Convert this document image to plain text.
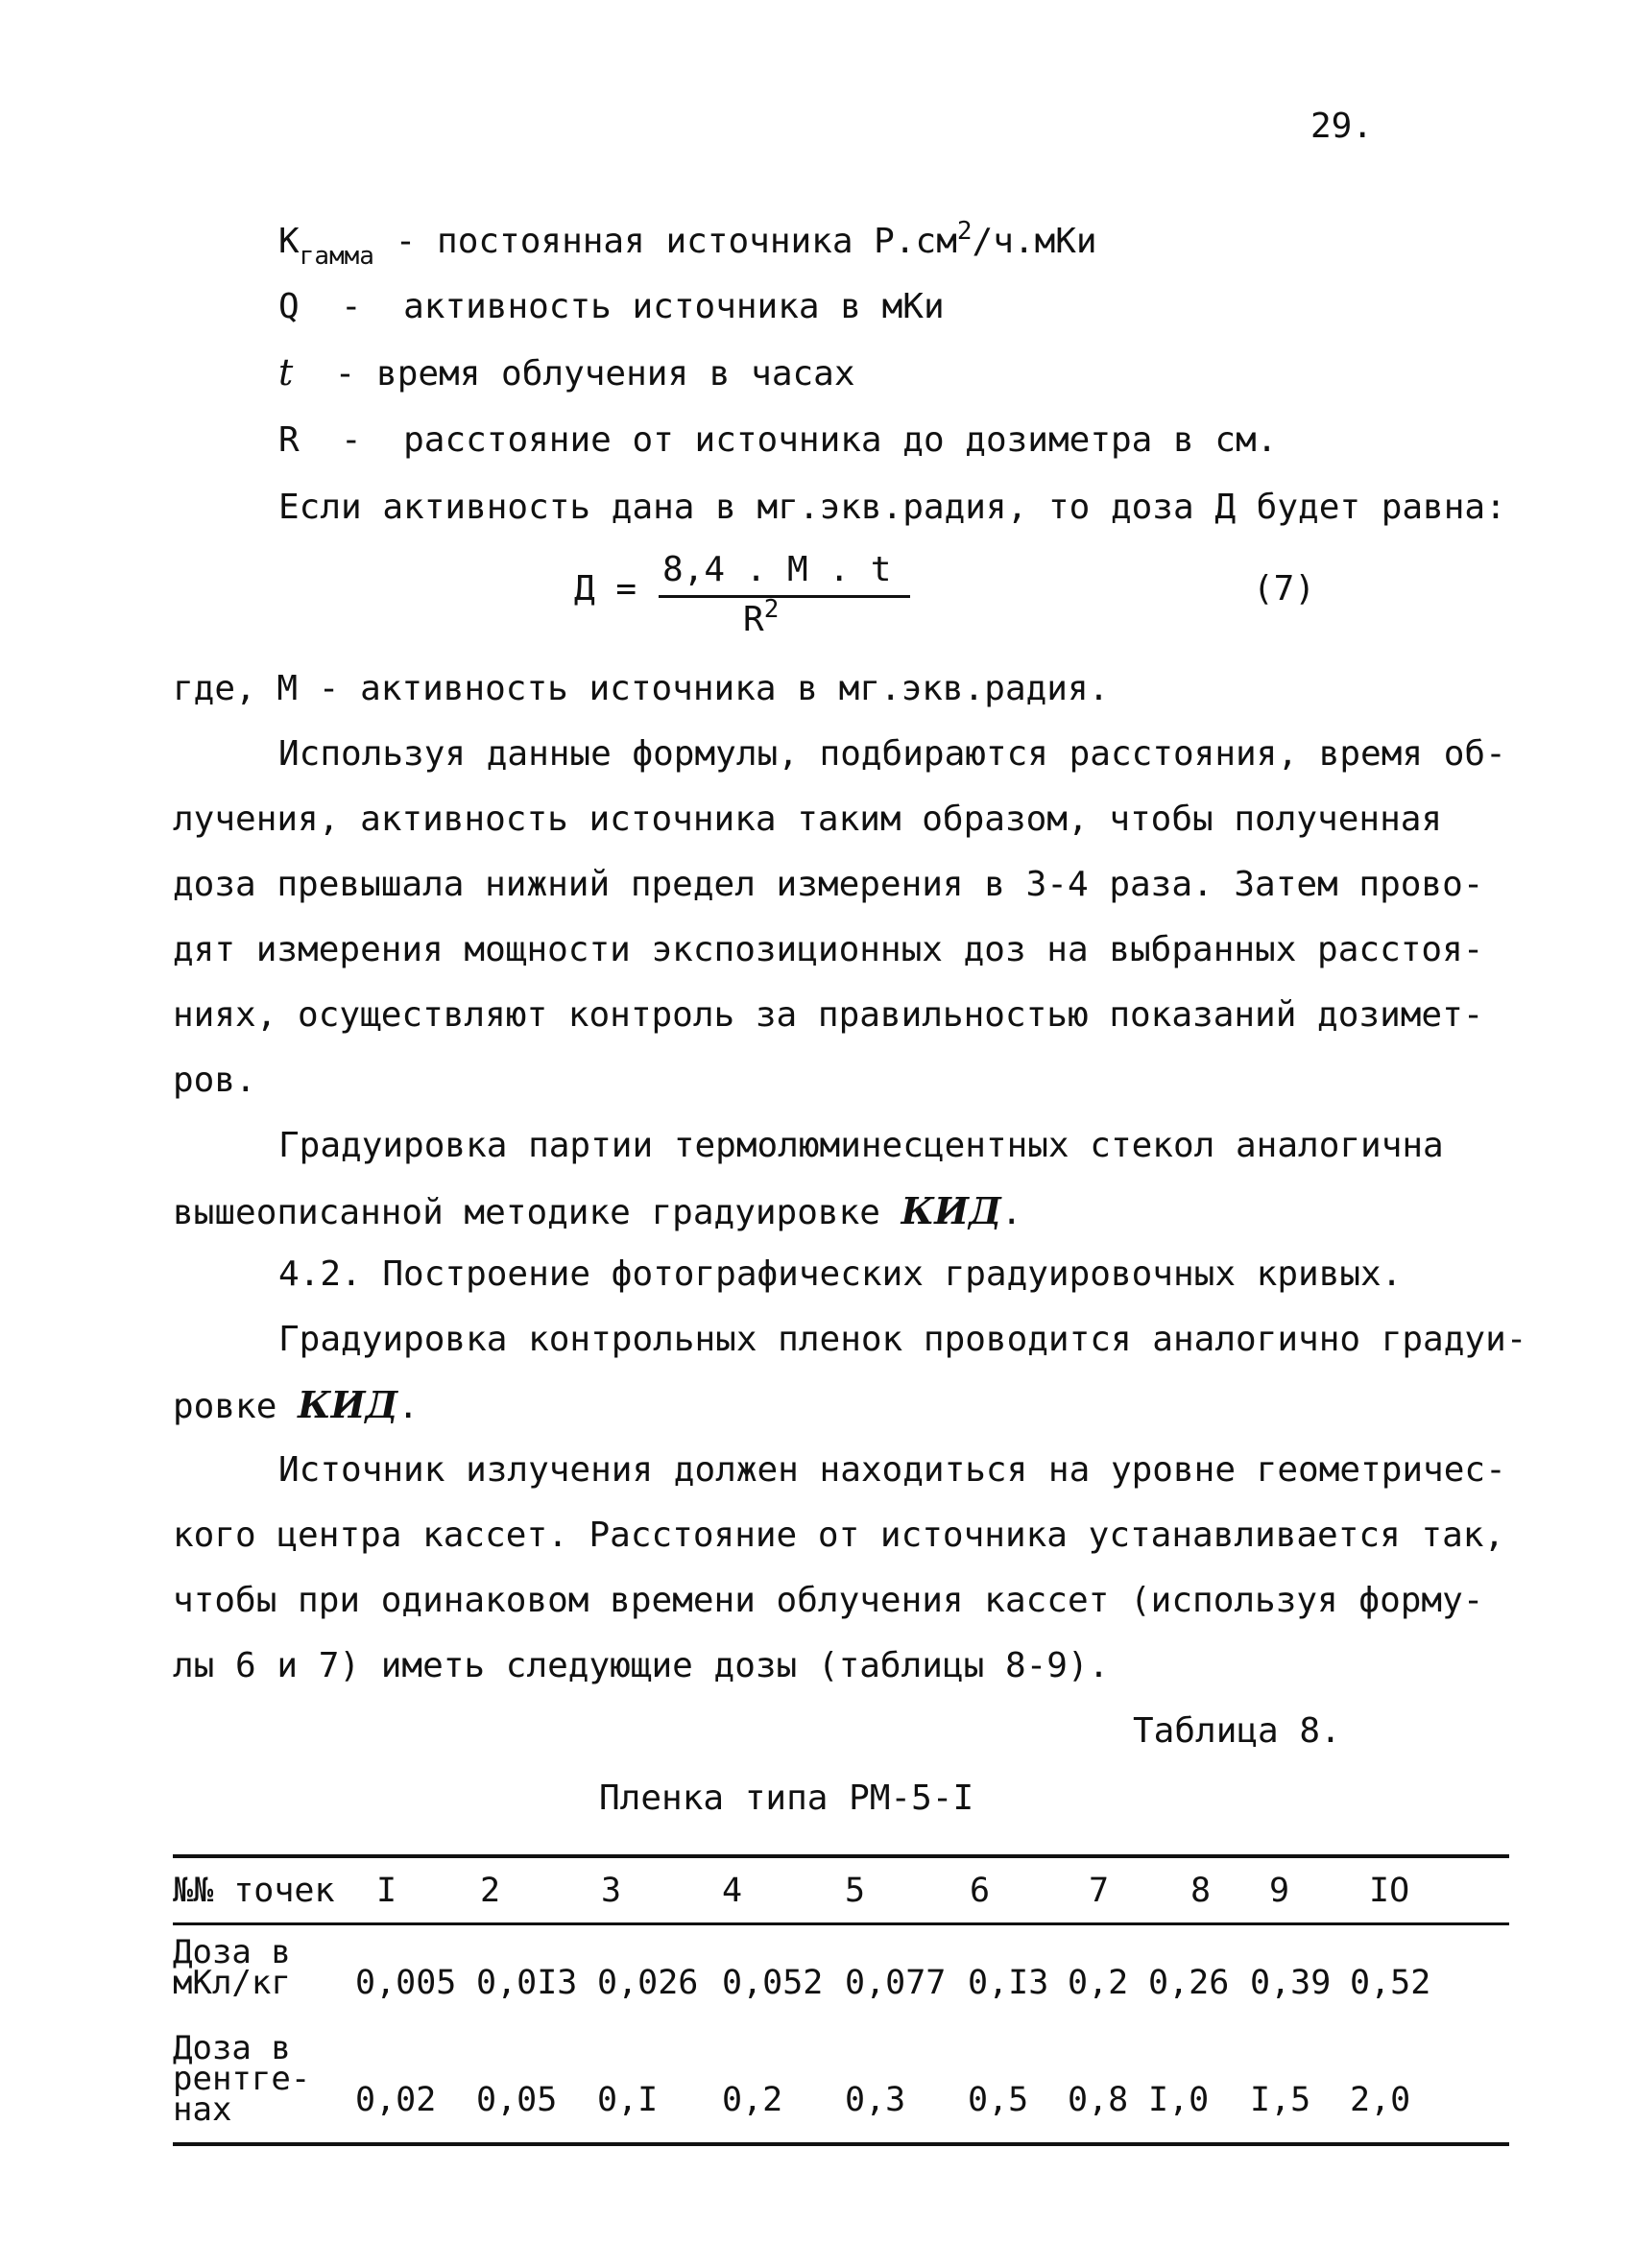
29.
$K_{гамма}$ - постоянная источника $Р.см^2/ч.мКи$
Q - активность источника в мКи
t - время облучения в часах
R - расстояние от источника до дозиметра в см.
Если активность дана в мг.экв.радия, то доза Д будет равна:
Д = 8,4 . М . t
$R^2$
(7)
где, М - активность источника в мг.экв.радия.
Используя данные формулы, подбираются расстояния, время об-
лучения, активность источника таким образом, чтобы полученная
доза превышала нижний предел измерения в 3-4 раза. Затем прово-
дят измерения мощности экспозиционных доз на выбранных расстоя-
ниях, осуществляют контроль за правильностью показаний дозимет-
ров.
Градуировка партии термолюминесцентных стекол аналогична
вышеописанной методике градуировке КИД.
4.2. Построение фотографических градуировочных кривых.
Градуировка контрольных пленок проводится аналогично градуи-
ровке КИД.
Источник излучения должен находиться на уровне геометричес-
кого центра кассет. Расстояние от источника устанавливается так,
чтобы при одинаковом времени облучения кассет (используя форму-
лы 6 и 7) иметь следующие дозы (таблицы 8-9).
Таблица 8.
Пленка типа РМ-5-I
№№ точек I 2	3	4	5	6	7 8 9 IO
Доза в
мКл/кг 0,005 0,0I3 0,026 0,052 0,077 0,I3 0,2 0,26 0,39 0,52
Доза в
рентге-
нах	0,02 0,05 0,I 0,2 0,3 0,5 0,8 I,0 I,5 2,0
